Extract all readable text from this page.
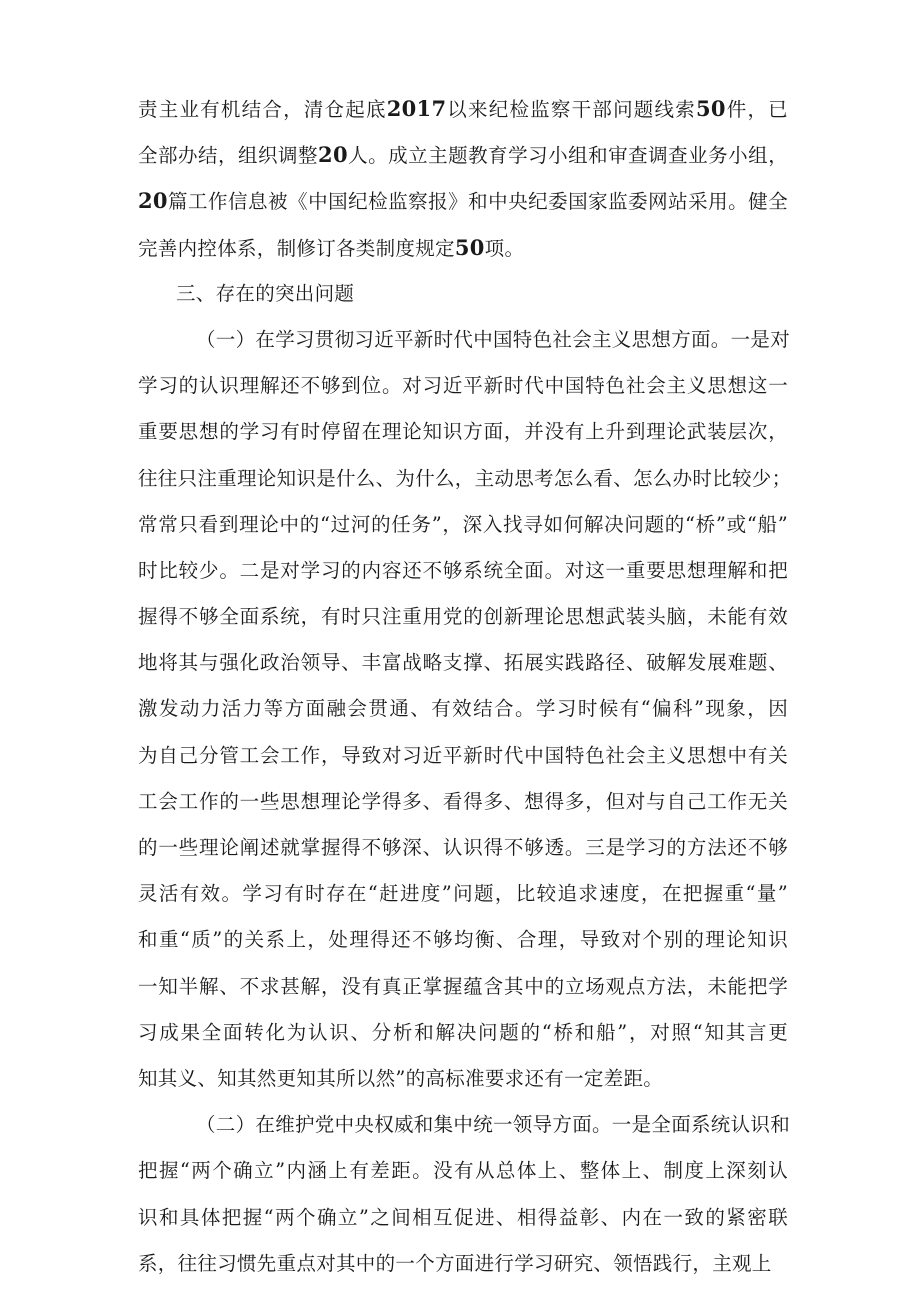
责主业有机结合，清仓起底2017以来纪检监察干部问题线索50件，已
全部办结，组织调整20人。成立主题教育学习小组和审查调查业务小组，
20篇工作信息被《中国纪检监察报》和中央纪委国家监委网站采用。健全
完善内控体系，制修订各类制度规定50项。
三、存在的突出问题
（一）在学习贯彻习近平新时代中国特色社会主义思想方面。一是对
学习的认识理解还不够到位。对习近平新时代中国特色社会主义思想这一
重要思想的学习有时停留在理论知识方面，并没有上升到理论武装层次，
往往只注重理论知识是什么、为什么，主动思考怎么看、怎么办时比较少；
常常只看到理论中的“过河的任务”，深入找寻如何解决问题的“桥”或“船”
时比较少。二是对学习的内容还不够系统全面。对这一重要思想理解和把
握得不够全面系统，有时只注重用党的创新理论思想武装头脑，未能有效
地将其与强化政治领导、丰富战略支撑、拓展实践路径、破解发展难题、
激发动力活力等方面融会贯通、有效结合。学习时候有“偏科”现象，因
为自己分管工会工作，导致对习近平新时代中国特色社会主义思想中有关
工会工作的一些思想理论学得多、看得多、想得多，但对与自己工作无关
的一些理论阐述就掌握得不够深、认识得不够透。三是学习的方法还不够
灵活有效。学习有时存在“赶进度”问题，比较追求速度，在把握重“量”
和重“质”的关系上，处理得还不够均衡、合理，导致对个别的理论知识
一知半解、不求甚解，没有真正掌握蕴含其中的立场观点方法，未能把学
习成果全面转化为认识、分析和解决问题的“桥和船”，对照“知其言更
知其义、知其然更知其所以然”的高标准要求还有一定差距。
（二）在维护党中央权威和集中统一领导方面。一是全面系统认识和
把握“两个确立”内涵上有差距。没有从总体上、整体上、制度上深刻认
识和具体把握“两个确立”之间相互促进、相得益彰、内在一致的紧密联
系，往往习惯先重点对其中的一个方面进行学习研究、领悟践行，主观上
